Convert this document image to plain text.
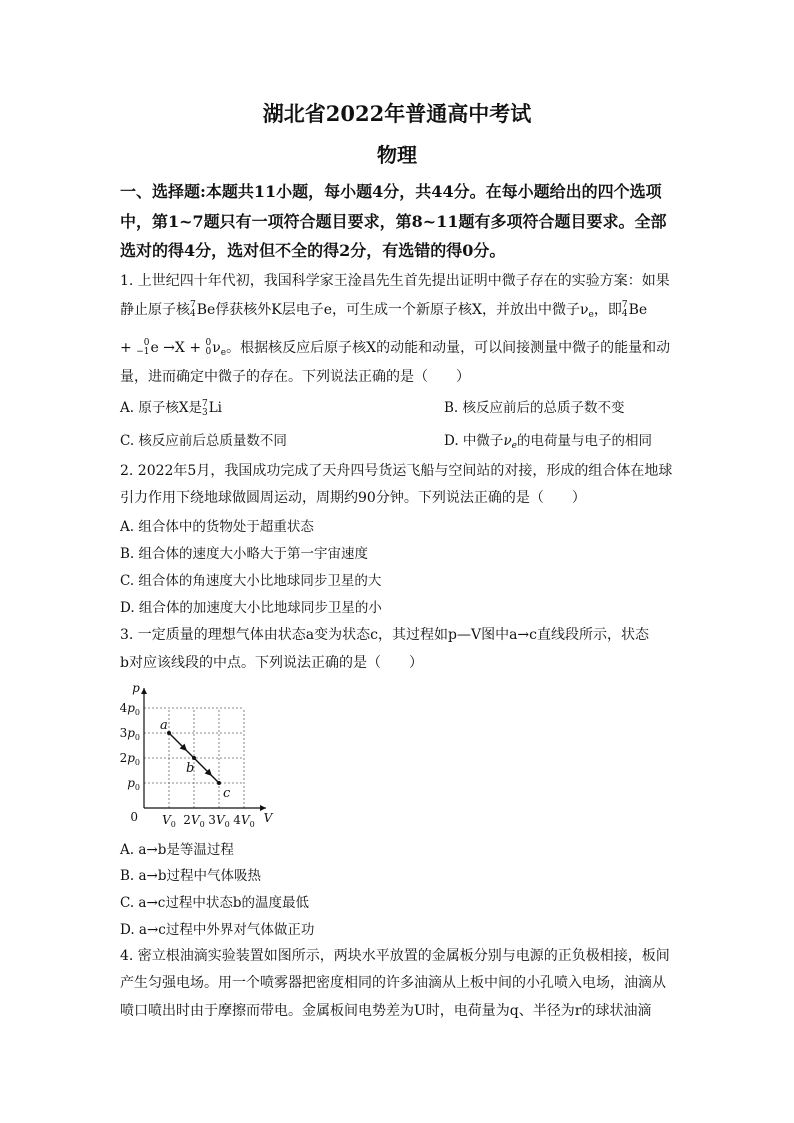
湖北省2022年普通高中考试
物理
一、选择题:本题共11小题，每小题4分，共44分。在每小题给出的四个选项
中，第1~7题只有一项符合题目要求，第8~11题有多项符合题目要求。全部
选对的得4分，选对但不全的得2分，有选错的得0分。
1. 上世纪四十年代初，我国科学家王淦昌先生首先提出证明中微子存在的实验方案：如果
静止原子核7
4Be俘获核外K层电子e，可生成一个新原子核X，并放出中微子$\nu_e$，即7
4Be
+ 0
−1e →X + 0
$0\nu_e$。根据核反应后原子核X的动能和动量，可以间接测量中微子的能量和动
量，进而确定中微子的存在。下列说法正确的是（　　）
A. 原子核X是7
3Li	B. 核反应前后的总质子数不变
C. 核反应前后总质量数不同	D. 中微子$\nu_e$的电荷量与电子的相同
2. 2022年5月，我国成功完成了天舟四号货运飞船与空间站的对接，形成的组合体在地球
引力作用下绕地球做圆周运动，周期约90分钟。下列说法正确的是（　　）
A. 组合体中的货物处于超重状态
B. 组合体的速度大小略大于第一宇宙速度
C. 组合体的角速度大小比地球同步卫星的大
D. 组合体的加速度大小比地球同步卫星的小
3. 一定质量的理想气体由状态a变为状态c，其过程如p—V图中a→c直线段所示，状态
b对应该线段的中点。下列说法正确的是（　　）
V
p
0 $V_0$ $2V_0$ $3V_0$ $4V_0$
$p_0$
$2p_0$
$3p_0$
$4p_0$
a
b
c
A. a→b是等温过程
B. a→b过程中气体吸热
C. a→c过程中状态b的温度最低
D. a→c过程中外界对气体做正功
4. 密立根油滴实验装置如图所示，两块水平放置的金属板分别与电源的正负极相接，板间
产生匀强电场。用一个喷雾器把密度相同的许多油滴从上板中间的小孔喷入电场，油滴从
喷口喷出时由于摩擦而带电。金属板间电势差为U时，电荷量为q、半径为r的球状油滴
